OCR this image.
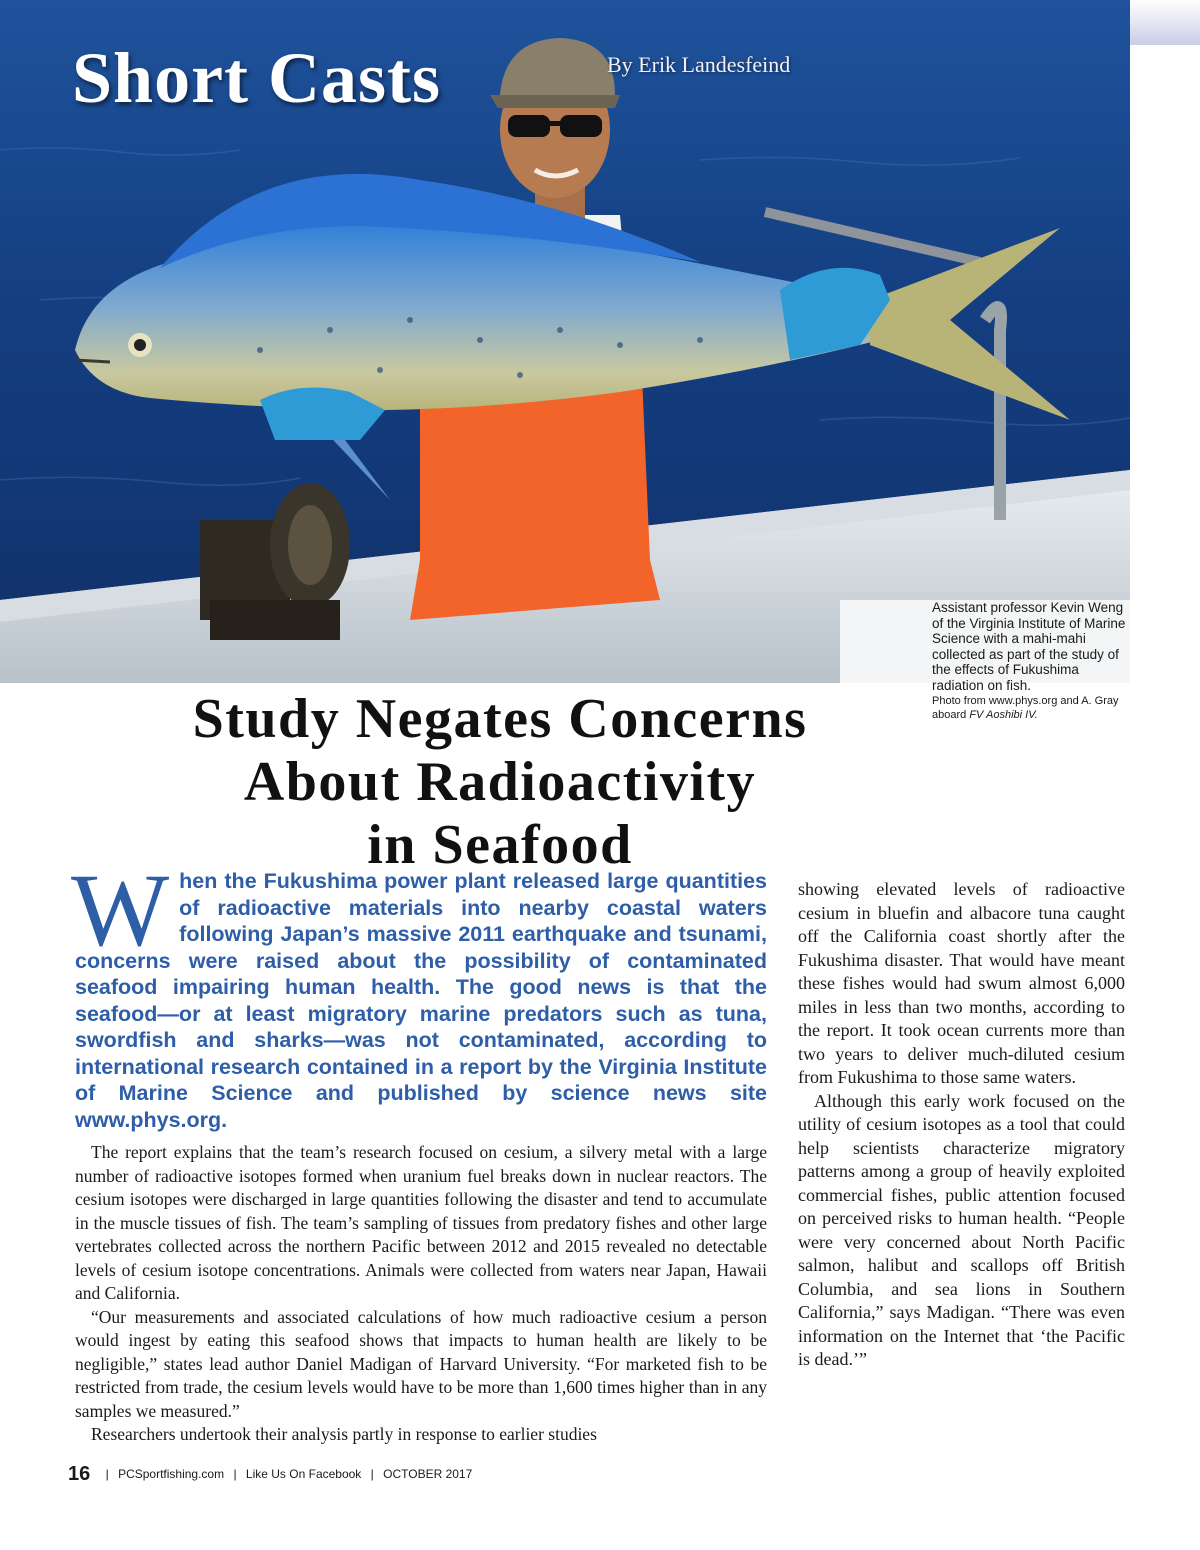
Short Casts	By Erik Landesfeind
Assistant professor Kevin Weng of the Virginia Institute of Marine Science with a mahi-mahi collected as part of the study of the effects of Fukushima radiation on fish.
Photo from www.phys.org and A. Gray aboard FV Aoshibi IV.
Study Negates Concerns
About Radioactivity
in Seafood

When the Fukushima power plant released large quantities of radioactive materials into nearby coastal waters following Japan’s massive 2011 earthquake and tsunami, concerns were raised about the possibility of contaminated seafood impairing human health. The good news is that the seafood—or at least migratory marine predators such as tuna, swordfish and sharks—was not contaminated, according to international research contained in a report by the Virginia Institute of Marine Science and published by science news site www.phys.org.

The report explains that the team’s research focused on cesium, a silvery metal with a large number of radioactive isotopes formed when uranium fuel breaks down in nuclear reactors. The cesium isotopes were discharged in large quantities following the disaster and tend to accumulate in the muscle tissues of fish. The team’s sampling of tissues from predatory fishes and other large vertebrates collected across the northern Pacific between 2012 and 2015 revealed no detectable levels of cesium isotope concentrations. Animals were collected from waters near Japan, Hawaii and California.

“Our measurements and associated calculations of how much radioactive cesium a person would ingest by eating this seafood shows that impacts to human health are likely to be negligible,” states lead author Daniel Madigan of Harvard University. “For marketed fish to be restricted from trade, the cesium levels would have to be more than 1,600 times higher than in any samples we measured.”

Researchers undertook their analysis partly in response to earlier studies

showing elevated levels of radioactive cesium in bluefin and albacore tuna caught off the California coast shortly after the Fukushima disaster. That would have meant these fishes would had swum almost 6,000 miles in less than two months, according to the report. It took ocean currents more than two years to deliver much-diluted cesium from Fukushima to those same waters.

Although this early work focused on the utility of cesium isotopes as a tool that could help scientists characterize migratory patterns among a group of heavily exploited commercial fishes, public attention focused on perceived risks to human health. “People were very concerned about North Pacific salmon, halibut and scallops off British Columbia, and sea lions in Southern California,” says Madigan. “There was even information on the Internet that ‘the Pacific is dead.’”

16 | PCSportfishing.com | Like Us On Facebook | OCTOBER 2017
